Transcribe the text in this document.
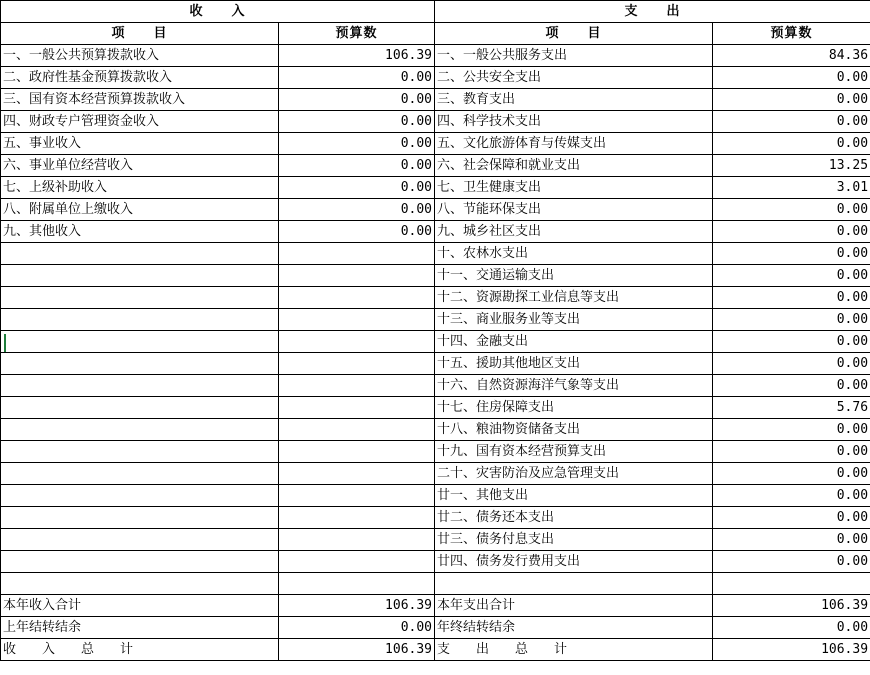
收　　入		支　　出	
项　　目	预算数	项　　目	预算数
一、一般公共预算拨款收入	106.39	一、一般公共服务支出	84.36
二、政府性基金预算拨款收入	0.00	二、公共安全支出	0.00
三、国有资本经营预算拨款收入	0.00	三、教育支出	0.00
四、财政专户管理资金收入	0.00	四、科学技术支出	0.00
五、事业收入	0.00	五、文化旅游体育与传媒支出	0.00
六、事业单位经营收入	0.00	六、社会保障和就业支出	13.25
七、上级补助收入	0.00	七、卫生健康支出	3.01
八、附属单位上缴收入	0.00	八、节能环保支出	0.00
九、其他收入	0.00	九、城乡社区支出	0.00
		十、农林水支出	0.00
		十一、交通运输支出	0.00
		十二、资源勘探工业信息等支出	0.00
		十三、商业服务业等支出	0.00
		十四、金融支出	0.00
		十五、援助其他地区支出	0.00
		十六、自然资源海洋气象等支出	0.00
		十七、住房保障支出	5.76
		十八、粮油物资储备支出	0.00
		十九、国有资本经营预算支出	0.00
		二十、灾害防治及应急管理支出	0.00
		廿一、其他支出	0.00
		廿二、债务还本支出	0.00
		廿三、债务付息支出	0.00
		廿四、债务发行费用支出	0.00

本年收入合计	106.39	本年支出合计	106.39
上年结转结余	0.00	年终结转结余	0.00
收　　入　　总　　计	106.39	支　　出　　总　　计	106.39
